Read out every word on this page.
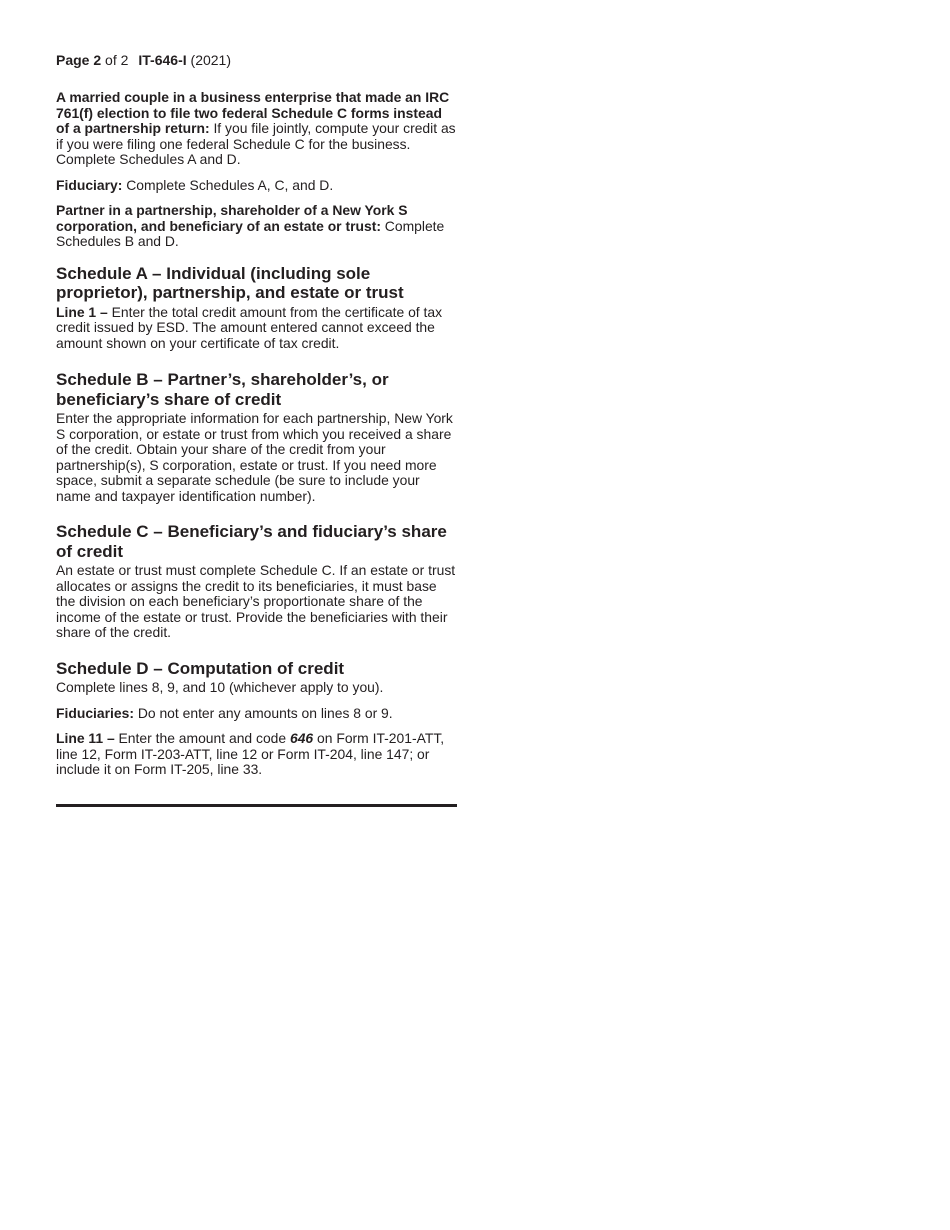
Page 2 of 2 IT-646-I (2021)

A married couple in a business enterprise that made an IRC 761(f) election to file two federal Schedule C forms instead of a partnership return: If you file jointly, compute your credit as if you were filing one federal Schedule C for the business. Complete Schedules A and D.

Fiduciary: Complete Schedules A, C, and D.

Partner in a partnership, shareholder of a New York S corporation, and beneficiary of an estate or trust: Complete Schedules B and D.

Schedule A – Individual (including sole proprietor), partnership, and estate or trust

Line 1 – Enter the total credit amount from the certificate of tax credit issued by ESD. The amount entered cannot exceed the amount shown on your certificate of tax credit.

Schedule B – Partner’s, shareholder’s, or beneficiary’s share of credit

Enter the appropriate information for each partnership, New York S corporation, or estate or trust from which you received a share of the credit. Obtain your share of the credit from your partnership(s), S corporation, estate or trust. If you need more space, submit a separate schedule (be sure to include your name and taxpayer identification number).

Schedule C – Beneficiary’s and fiduciary’s share of credit

An estate or trust must complete Schedule C. If an estate or trust allocates or assigns the credit to its beneficiaries, it must base the division on each beneficiary’s proportionate share of the income of the estate or trust. Provide the beneficiaries with their share of the credit.

Schedule D – Computation of credit

Complete lines 8, 9, and 10 (whichever apply to you).

Fiduciaries: Do not enter any amounts on lines 8 or 9.

Line 11 – Enter the amount and code 646 on Form IT-201-ATT, line 12, Form IT-203-ATT, line 12 or Form IT-204, line 147; or include it on Form IT-205, line 33.
